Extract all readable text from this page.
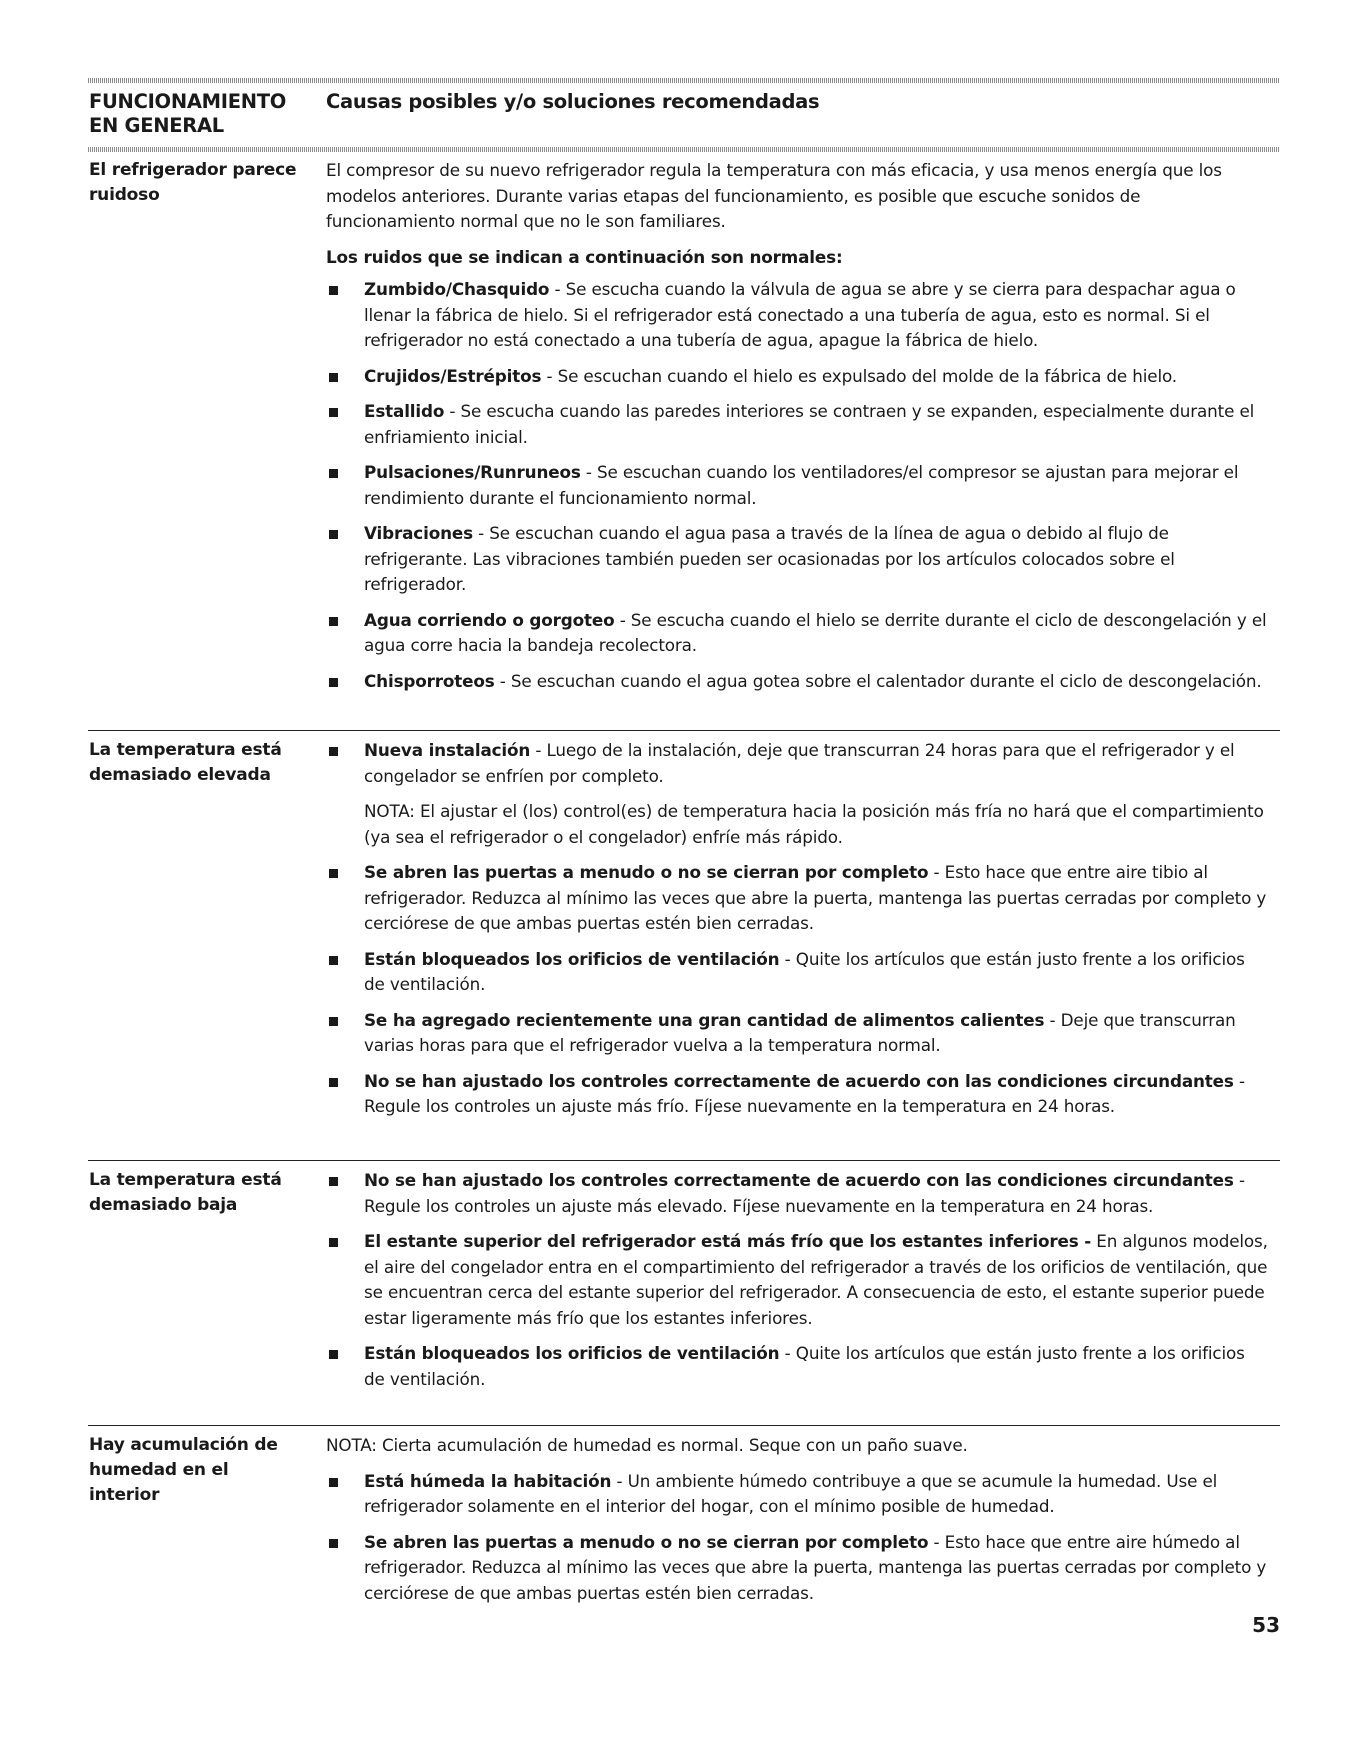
FUNCIONAMIENTO EN GENERAL
Causas posibles y/o soluciones recomendadas
El refrigerador parece ruidoso

El compresor de su nuevo refrigerador regula la temperatura con más eficacia, y usa menos energía que los modelos anteriores. Durante varias etapas del funcionamiento, es posible que escuche sonidos de funcionamiento normal que no le son familiares.

Los ruidos que se indican a continuación son normales:

Zumbido/Chasquido - Se escucha cuando la válvula de agua se abre y se cierra para despachar agua o llenar la fábrica de hielo. Si el refrigerador está conectado a una tubería de agua, esto es normal. Si el refrigerador no está conectado a una tubería de agua, apague la fábrica de hielo.
Crujidos/Estrépitos - Se escuchan cuando el hielo es expulsado del molde de la fábrica de hielo.
Estallido - Se escucha cuando las paredes interiores se contraen y se expanden, especialmente durante el enfriamiento inicial.
Pulsaciones/Runruneos - Se escuchan cuando los ventiladores/el compresor se ajustan para mejorar el rendimiento durante el funcionamiento normal.
Vibraciones - Se escuchan cuando el agua pasa a través de la línea de agua o debido al flujo de refrigerante. Las vibraciones también pueden ser ocasionadas por los artículos colocados sobre el refrigerador.
Agua corriendo o gorgoteo - Se escucha cuando el hielo se derrite durante el ciclo de descongelación y el agua corre hacia la bandeja recolectora.
Chisporroteos - Se escuchan cuando el agua gotea sobre el calentador durante el ciclo de descongelación.
La temperatura está demasiado elevada
Nueva instalación - Luego de la instalación, deje que transcurran 24 horas para que el refrigerador y el congelador se enfríen por completo.
NOTA: El ajustar el (los) control(es) de temperatura hacia la posición más fría no hará que el compartimiento (ya sea el refrigerador o el congelador) enfríe más rápido.
Se abren las puertas a menudo o no se cierran por completo - Esto hace que entre aire tibio al refrigerador. Reduzca al mínimo las veces que abre la puerta, mantenga las puertas cerradas por completo y cerciórese de que ambas puertas estén bien cerradas.
Están bloqueados los orificios de ventilación - Quite los artículos que están justo frente a los orificios de ventilación.
Se ha agregado recientemente una gran cantidad de alimentos calientes - Deje que transcurran varias horas para que el refrigerador vuelva a la temperatura normal.
No se han ajustado los controles correctamente de acuerdo con las condiciones circundantes - Regule los controles un ajuste más frío. Fíjese nuevamente en la temperatura en 24 horas.
La temperatura está demasiado baja
No se han ajustado los controles correctamente de acuerdo con las condiciones circundantes - Regule los controles un ajuste más elevado. Fíjese nuevamente en la temperatura en 24 horas.
El estante superior del refrigerador está más frío que los estantes inferiores - En algunos modelos, el aire del congelador entra en el compartimiento del refrigerador a través de los orificios de ventilación, que se encuentran cerca del estante superior del refrigerador. A consecuencia de esto, el estante superior puede estar ligeramente más frío que los estantes inferiores.
Están bloqueados los orificios de ventilación - Quite los artículos que están justo frente a los orificios de ventilación.
Hay acumulación de humedad en el interior

NOTA: Cierta acumulación de humedad es normal. Seque con un paño suave.

Está húmeda la habitación - Un ambiente húmedo contribuye a que se acumule la humedad. Use el refrigerador solamente en el interior del hogar, con el mínimo posible de humedad.
Se abren las puertas a menudo o no se cierran por completo - Esto hace que entre aire húmedo al refrigerador. Reduzca al mínimo las veces que abre la puerta, mantenga las puertas cerradas por completo y cerciórese de que ambas puertas estén bien cerradas.
53
